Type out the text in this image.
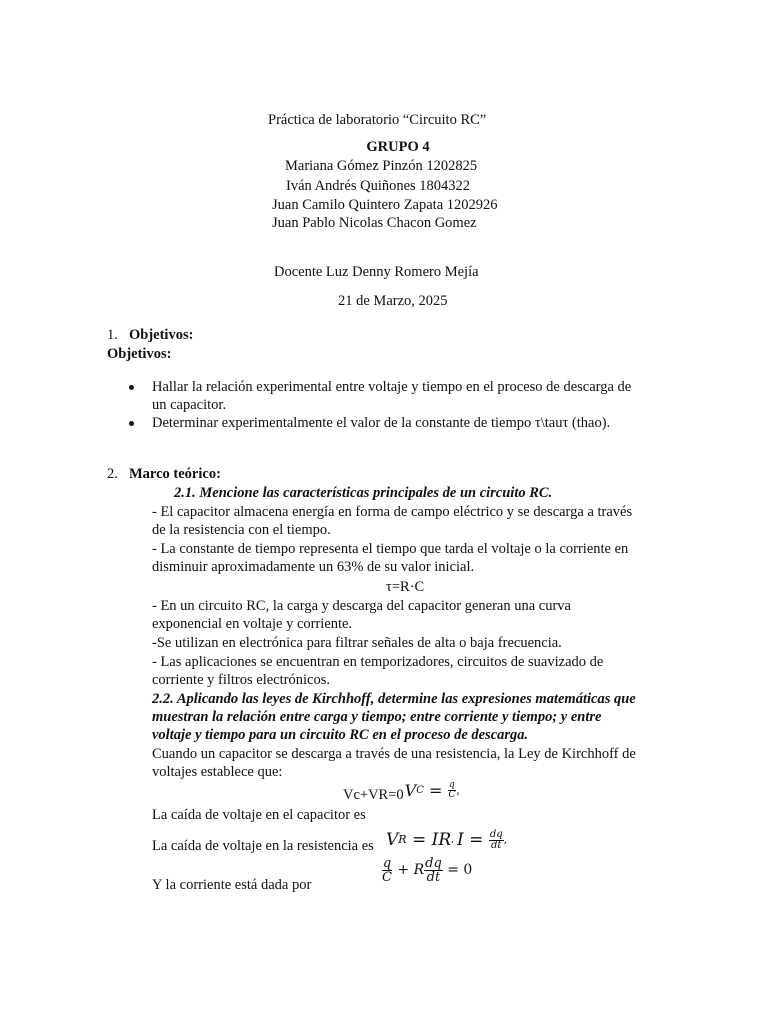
Práctica de laboratorio “Circuito RC”
GRUPO 4
Mariana Gómez Pinzón 1202825
Iván Andrés Quiñones 1804322
Juan Camilo Quintero Zapata 1202926
Juan Pablo Nicolas Chacon Gomez
Docente Luz Denny Romero Mejía
21 de Marzo, 2025
1. Objetivos:
Objetivos:
Hallar la relación experimental entre voltaje y tiempo en el proceso de descarga de
un capacitor.
Determinar experimentalmente el valor de la constante de tiempo τ\tauτ (thao).
2. Marco teórico:
2.1. Mencione las características principales de un circuito RC.
- El capacitor almacena energía en forma de campo eléctrico y se descarga a través
de la resistencia con el tiempo.
- La constante de tiempo representa el tiempo que tarda el voltaje o la corriente en
disminuir aproximadamente un 63% de su valor inicial.
τ=R·C
- En un circuito RC, la carga y descarga del capacitor generan una curva
exponencial en voltaje y corriente.
-Se utilizan en electrónica para filtrar señales de alta o baja frecuencia.
- Las aplicaciones se encuentran en temporizadores, circuitos de suavizado de
corriente y filtros electrónicos.
2.2. Aplicando las leyes de Kirchhoff, determine las expresiones matemáticas que
muestran la relación entre carga y tiempo; entre corriente y tiempo; y entre
voltaje y tiempo para un circuito RC en el proceso de descarga.
Cuando un capacitor se descarga a través de una resistencia, la Ley de Kirchhoff de
voltajes establece que:
Vc+VR=0 V $C = \frac{q}{C}$ ,
La caída de voltaje en el capacitor es
La caída de voltaje en la resistencia es V R = IR , $I = \frac{dq}{dt}$ ,
$\frac{q}{C} + R \frac{dq}{dt} = 0$
Y la corriente está dada por
